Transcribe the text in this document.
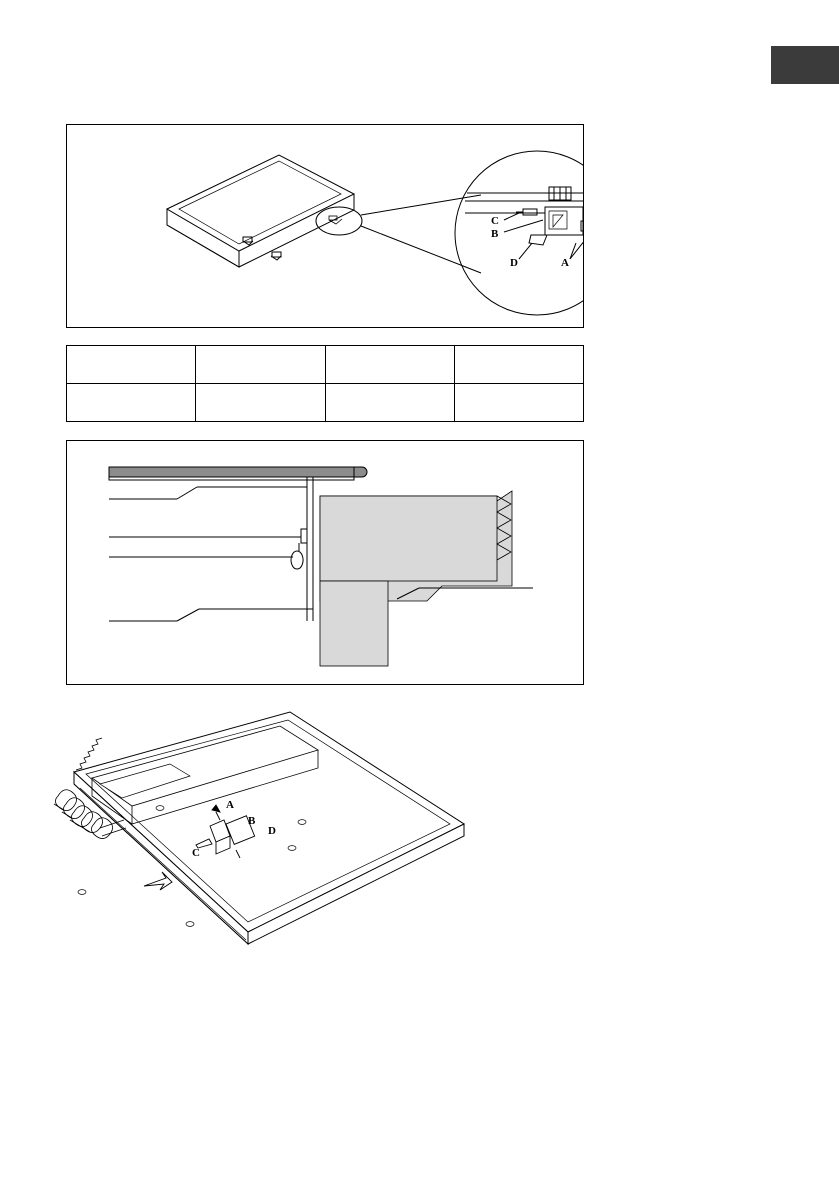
C
B
D	A

A
B
C
D
